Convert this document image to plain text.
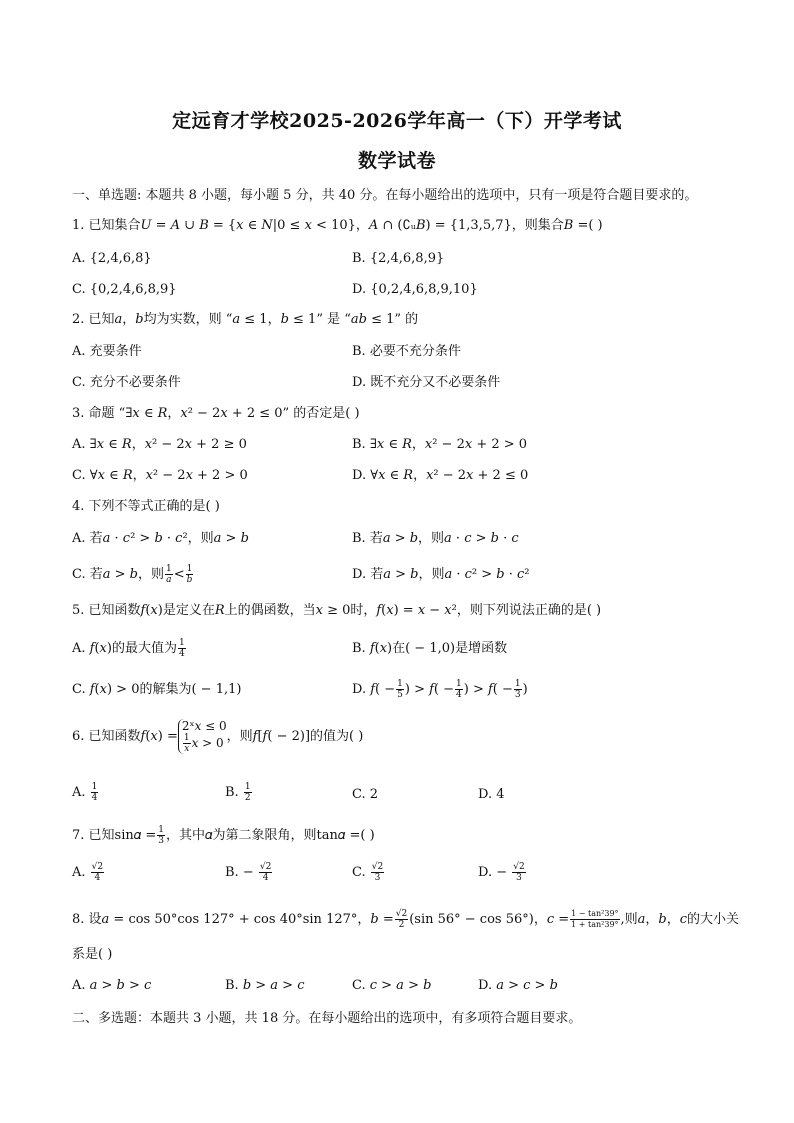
定远育才学校2025-2026学年高一（下）开学考试
数学试卷
一、单选题: 本题共 8 小题，每小题 5 分，共 40 分。在每小题给出的选项中，只有一项是符合题目要求的。
1. 已知集合𝑈 = 𝐴 ∪ 𝐵 = {𝑥 ∈ 𝑁|0 ≤ 𝑥 < 10}，𝐴 ∩ (∁ᵤ𝐵) = {1,3,5,7}，则集合𝐵 =( )
A. {2,4,6,8}	B. {2,4,6,8,9}
C. {0,2,4,6,8,9}	D. {0,2,4,6,8,9,10}
2. 已知𝑎，𝑏均为实数，则 “𝑎 ≤ 1，𝑏 ≤ 1” 是 “𝑎𝑏 ≤ 1” 的
A. 充要条件	B. 必要不充分条件
C. 充分不必要条件	D. 既不充分又不必要条件
3. 命题 “∃𝑥 ∈ 𝑅，𝑥² − 2𝑥 + 2 ≤ 0” 的否定是( )
A. ∃𝑥 ∈ 𝑅，𝑥² − 2𝑥 + 2 ≥ 0	B. ∃𝑥 ∈ 𝑅，𝑥² − 2𝑥 + 2 > 0
C. ∀𝑥 ∈ 𝑅，𝑥² − 2𝑥 + 2 > 0	D. ∀𝑥 ∈ 𝑅，𝑥² − 2𝑥 + 2 ≤ 0
4. 下列不等式正确的是( )
A. 若𝑎 · 𝑐² > 𝑏 · 𝑐²，则𝑎 > 𝑏	B. 若𝑎 > 𝑏，则𝑎 · 𝑐 > 𝑏 · 𝑐
C. 若𝑎 > 𝑏，则 $\frac{1}{\text{𝑎}} < \frac{1}{\text{𝑏}}$	D. 若𝑎 > 𝑏，则𝑎 · 𝑐² > 𝑏 · 𝑐²
5. 已知函数𝑓(𝑥)是定义在𝑅上的偶函数，当𝑥 ≥ 0时，𝑓(𝑥) = 𝑥 − 𝑥²，则下列说法正确的是( )
A. 𝑓(𝑥)的最大值为 $\frac{1}{4}$	B. 𝑓(𝑥)在( − 1,0)是增函数
C. 𝑓(𝑥) > 0的解集为( − 1,1)	D. 𝑓( − $\frac{1}{5}$ ) > 𝑓( − $\frac{1}{4}$ ) > 𝑓( − $\frac{1}{3}$ )
6. 已知函数𝑓(𝑥) =
2ˣ𝑥 ≤ 0
$\frac{1}{\text{𝑥}}$ 𝑥 > 0 ，则𝑓[𝑓( − 2)]的值为( )
A. $\frac{1}{4}$	B. $\frac{1}{2}$	C. 2	D. 4
7. 已知sin𝛼 = $\frac{1}{3}$ ，其中𝛼为第二象限角，则tan𝛼 =( )
A. $\frac{√2}{4}$	B. − $\frac{√2}{4}$	C. $\frac{√2}{3}$	D. − $\frac{√2}{3}$
8. 设𝑎 = cos 50°cos 127° + cos 40°sin 127°，𝑏 = $\frac{√2}{2} (\sin$ 56° − cos 56°)，𝑐 = $\frac{\text{1 − tan²39°}}{\text{1 + tan²39°}}$ ,则𝑎，𝑏，𝑐的大小关
系是( )
A. 𝑎 > 𝑏 > 𝑐	B. 𝑏 > 𝑎 > 𝑐	C. 𝑐 > 𝑎 > 𝑏	D. 𝑎 > 𝑐 > 𝑏
二、多选题：本题共 3 小题，共 18 分。在每小题给出的选项中，有多项符合题目要求。
